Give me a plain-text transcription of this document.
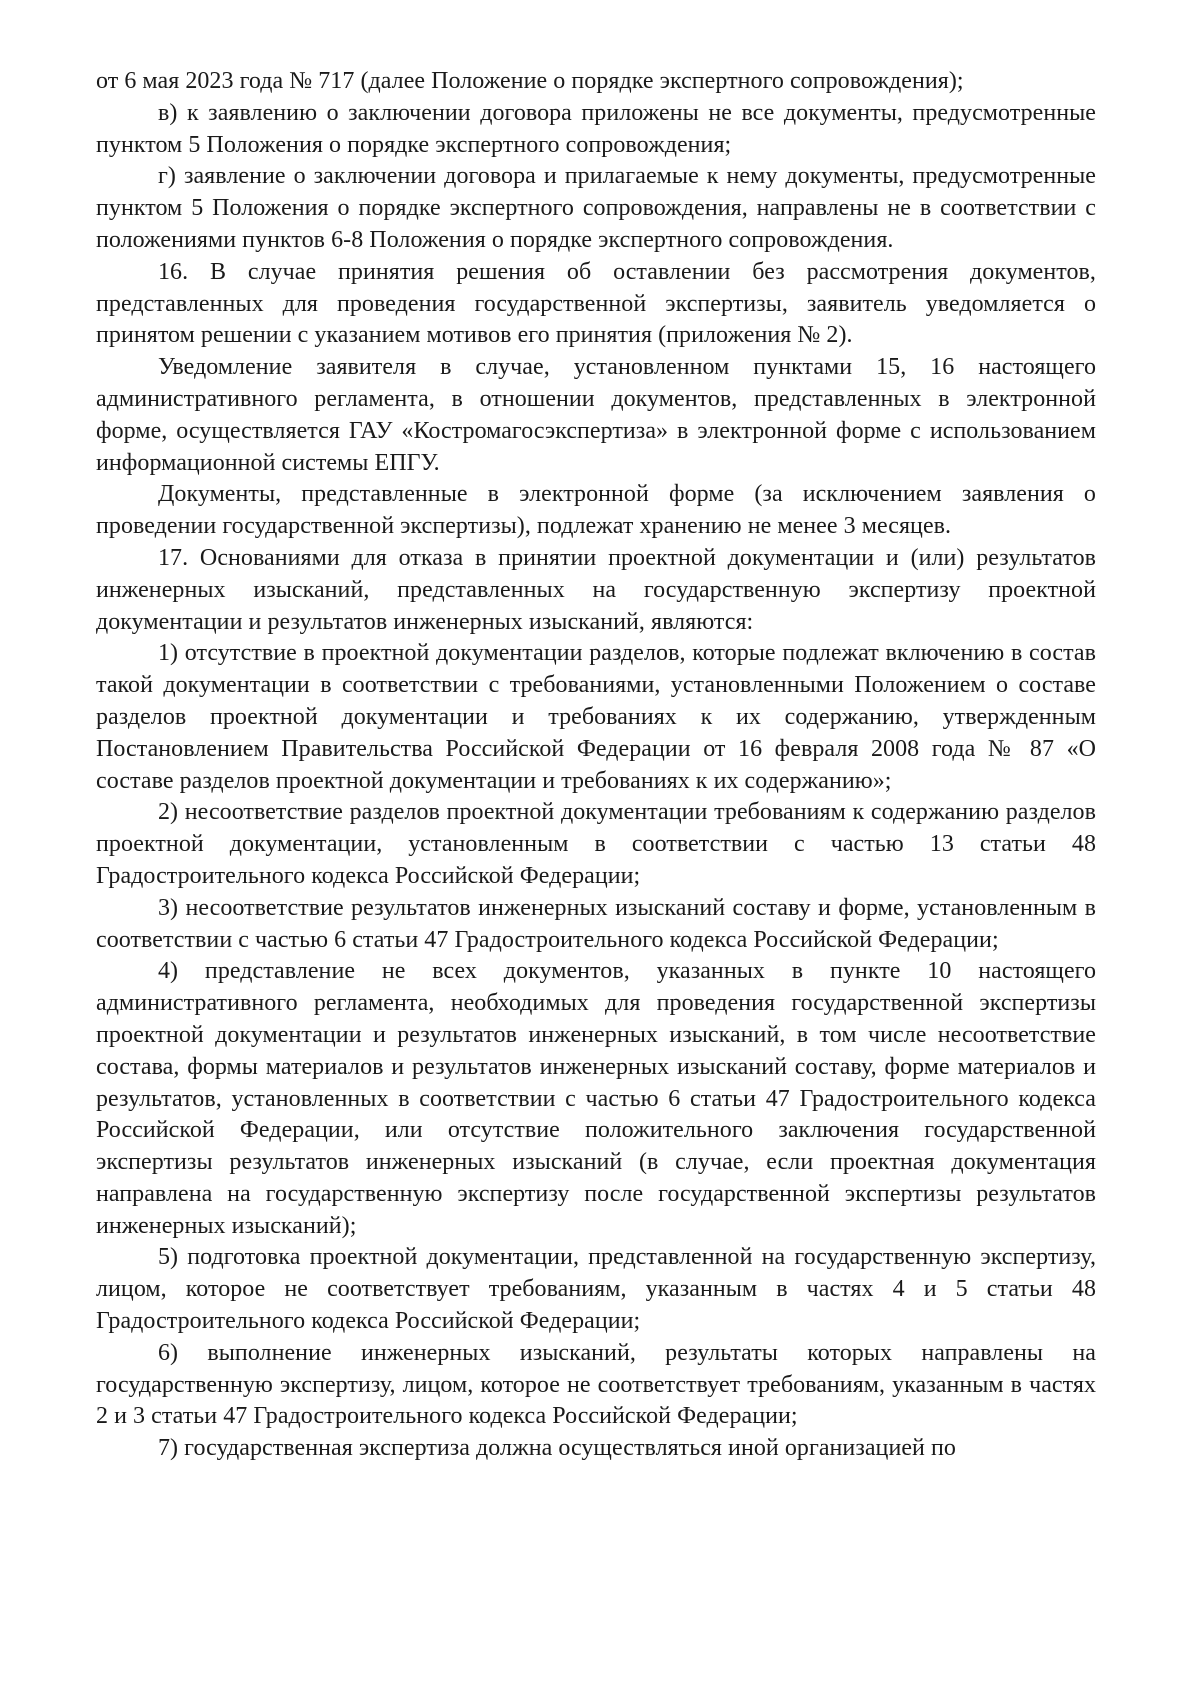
от 6 мая 2023 года № 717 (далее Положение о порядке экспертного сопровождения);

в) к заявлению о заключении договора приложены не все документы, предусмотренные пунктом 5 Положения о порядке экспертного сопровождения;

г) заявление о заключении договора и прилагаемые к нему документы, предусмотренные пунктом 5 Положения о порядке экспертного сопровождения, направлены не в соответствии с положениями пунктов 6-8 Положения о порядке экспертного сопровождения.

16. В случае принятия решения об оставлении без рассмотрения документов, представленных для проведения государственной экспертизы, заявитель уведомляется о принятом решении с указанием мотивов его принятия (приложения № 2).

Уведомление заявителя в случае, установленном пунктами 15, 16 настоящего административного регламента, в отношении документов, представленных в электронной форме, осуществляется ГАУ «Костромагосэкспертиза» в электронной форме с использованием информационной системы ЕПГУ.

Документы, представленные в электронной форме (за исключением заявления о проведении государственной экспертизы), подлежат хранению не менее 3 месяцев.

17. Основаниями для отказа в принятии проектной документации и (или) результатов инженерных изысканий, представленных на государственную экспертизу проектной документации и результатов инженерных изысканий, являются:

1) отсутствие в проектной документации разделов, которые подлежат включению в состав такой документации в соответствии с требованиями, установленными Положением о составе разделов проектной документации и требованиях к их содержанию, утвержденным Постановлением Правительства Российской Федерации от 16 февраля 2008 года № 87 «О составе разделов проектной документации и требованиях к их содержанию»;

2) несоответствие разделов проектной документации требованиям к содержанию разделов проектной документации, установленным в соответствии с частью 13 статьи 48 Градостроительного кодекса Российской Федерации;

3) несоответствие результатов инженерных изысканий составу и форме, установленным в соответствии с частью 6 статьи 47 Градостроительного кодекса Российской Федерации;

4) представление не всех документов, указанных в пункте 10 настоящего административного регламента, необходимых для проведения государственной экспертизы проектной документации и результатов инженерных изысканий, в том числе несоответствие состава, формы материалов и результатов инженерных изысканий составу, форме материалов и результатов, установленных в соответствии с частью 6 статьи 47 Градостроительного кодекса Российской Федерации, или отсутствие положительного заключения государственной экспертизы результатов инженерных изысканий (в случае, если проектная документация направлена на государственную экспертизу после государственной экспертизы результатов инженерных изысканий);

5) подготовка проектной документации, представленной на государственную экспертизу, лицом, которое не соответствует требованиям, указанным в частях 4 и 5 статьи 48 Градостроительного кодекса Российской Федерации;

6) выполнение инженерных изысканий, результаты которых направлены на государственную экспертизу, лицом, которое не соответствует требованиям, указанным в частях 2 и 3 статьи 47 Градостроительного кодекса Российской Федерации;

7) государственная экспертиза должна осуществляться иной организацией по
